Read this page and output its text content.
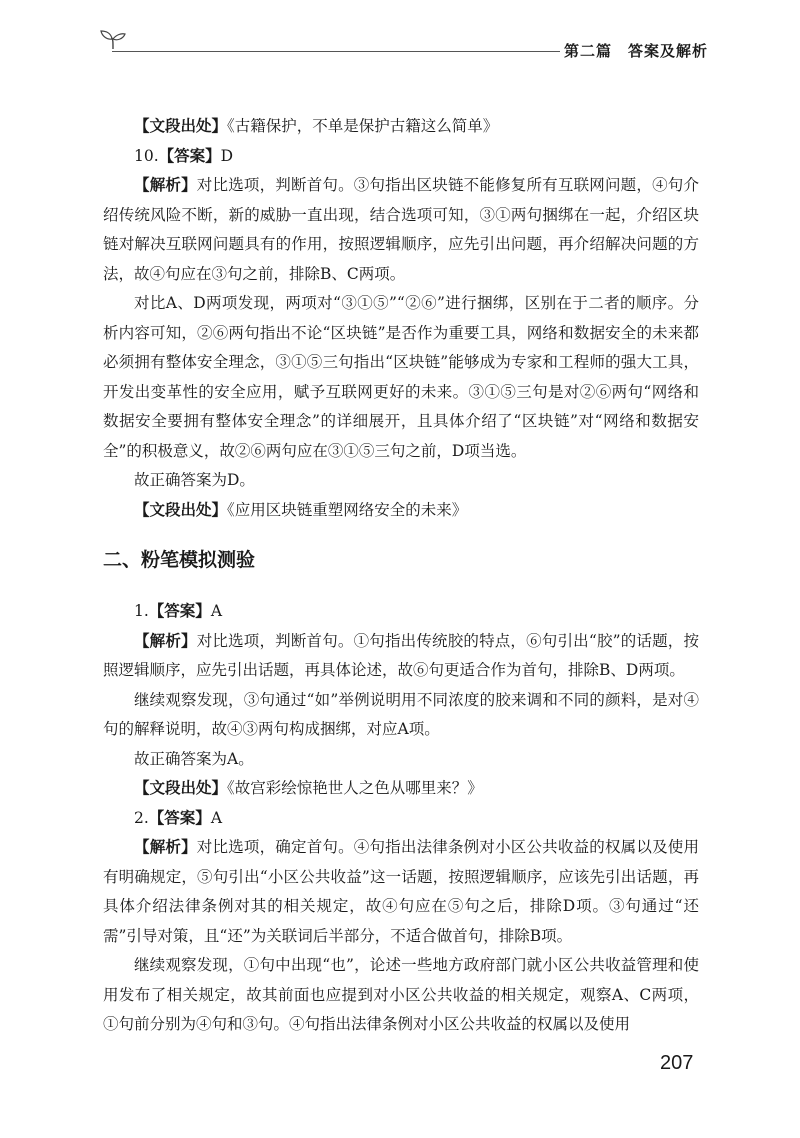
第二篇　答案及解析

【文段出处】《古籍保护，不单是保护古籍这么简单》

10.【答案】D

【解析】对比选项，判断首句。③句指出区块链不能修复所有互联网问题，④句介绍传统风险不断，新的威胁一直出现，结合选项可知，③①两句捆绑在一起，介绍区块链对解决互联网问题具有的作用，按照逻辑顺序，应先引出问题，再介绍解决问题的方法，故④句应在③句之前，排除B、C两项。

对比A、D两项发现，两项对“③①⑤”“②⑥”进行捆绑，区别在于二者的顺序。分析内容可知，②⑥两句指出不论“区块链”是否作为重要工具，网络和数据安全的未来都必须拥有整体安全理念，③①⑤三句指出“区块链”能够成为专家和工程师的强大工具，开发出变革性的安全应用，赋予互联网更好的未来。③①⑤三句是对②⑥两句“网络和数据安全要拥有整体安全理念”的详细展开，且具体介绍了“区块链”对“网络和数据安全”的积极意义，故②⑥两句应在③①⑤三句之前，D项当选。

故正确答案为D。

【文段出处】《应用区块链重塑网络安全的未来》

二、粉笔模拟测验

1.【答案】A

【解析】对比选项，判断首句。①句指出传统胶的特点，⑥句引出“胶”的话题，按照逻辑顺序，应先引出话题，再具体论述，故⑥句更适合作为首句，排除B、D两项。

继续观察发现，③句通过“如”举例说明用不同浓度的胶来调和不同的颜料，是对④句的解释说明，故④③两句构成捆绑，对应A项。

故正确答案为A。

【文段出处】《故宫彩绘惊艳世人之色从哪里来？》

2.【答案】A

【解析】对比选项，确定首句。④句指出法律条例对小区公共收益的权属以及使用有明确规定，⑤句引出“小区公共收益”这一话题，按照逻辑顺序，应该先引出话题，再具体介绍法律条例对其的相关规定，故④句应在⑤句之后，排除D项。③句通过“还需”引导对策，且“还”为关联词后半部分，不适合做首句，排除B项。

继续观察发现，①句中出现“也”，论述一些地方政府部门就小区公共收益管理和使用发布了相关规定，故其前面也应提到对小区公共收益的相关规定，观察A、C两项，①句前分别为④句和③句。④句指出法律条例对小区公共收益的权属以及使用

207
